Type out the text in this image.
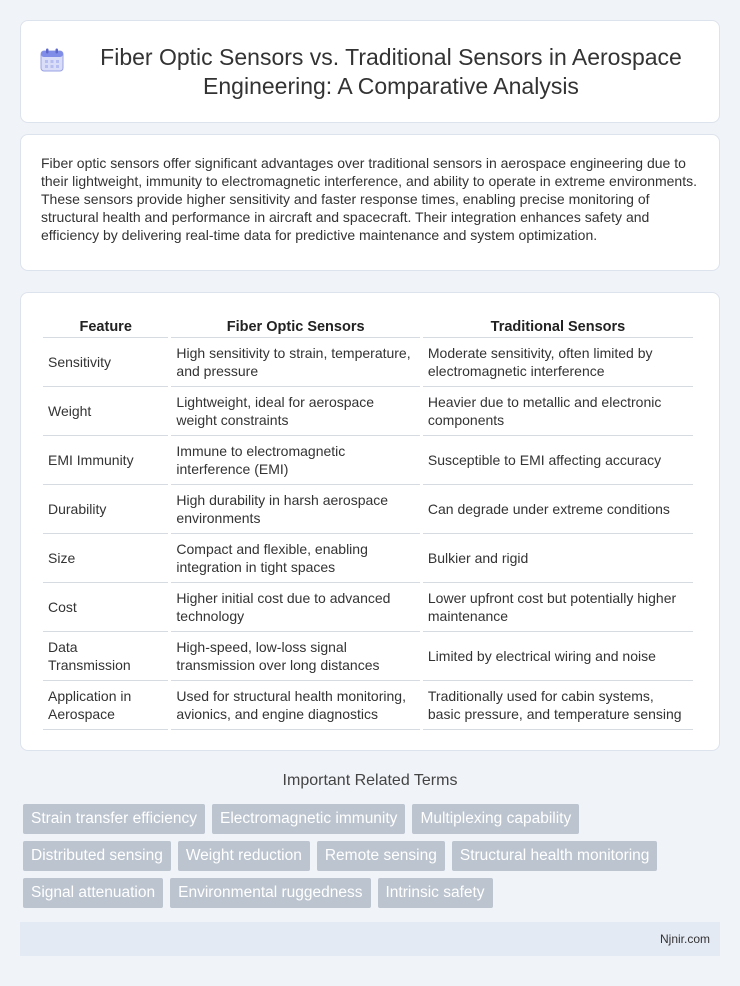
Fiber Optic Sensors vs. Traditional Sensors in Aerospace Engineering: A Comparative Analysis

Fiber optic sensors offer significant advantages over traditional sensors in aerospace engineering due to their lightweight, immunity to electromagnetic interference, and ability to operate in extreme environments. These sensors provide higher sensitivity and faster response times, enabling precise monitoring of structural health and performance in aircraft and spacecraft. Their integration enhances safety and efficiency by delivering real-time data for predictive maintenance and system optimization.

Feature	Fiber Optic Sensors	Traditional Sensors
Sensitivity	High sensitivity to strain, temperature, and pressure	Moderate sensitivity, often limited by electromagnetic interference
Weight	Lightweight, ideal for aerospace weight constraints	Heavier due to metallic and electronic components
EMI Immunity	Immune to electromagnetic interference (EMI)	Susceptible to EMI affecting accuracy
Durability	High durability in harsh aerospace environments	Can degrade under extreme conditions
Size	Compact and flexible, enabling integration in tight spaces	Bulkier and rigid
Cost	Higher initial cost due to advanced technology	Lower upfront cost but potentially higher maintenance
Data Transmission	High-speed, low-loss signal transmission over long distances	Limited by electrical wiring and noise
Application in Aerospace	Used for structural health monitoring, avionics, and engine diagnostics	Traditionally used for cabin systems, basic pressure, and temperature sensing
Important Related Terms
Strain transfer efficiency	Electromagnetic immunity	Multiplexing capability
Distributed sensing	Weight reduction	Remote sensing	Structural health monitoring
Signal attenuation	Environmental ruggedness	Intrinsic safety
Njnir.com
